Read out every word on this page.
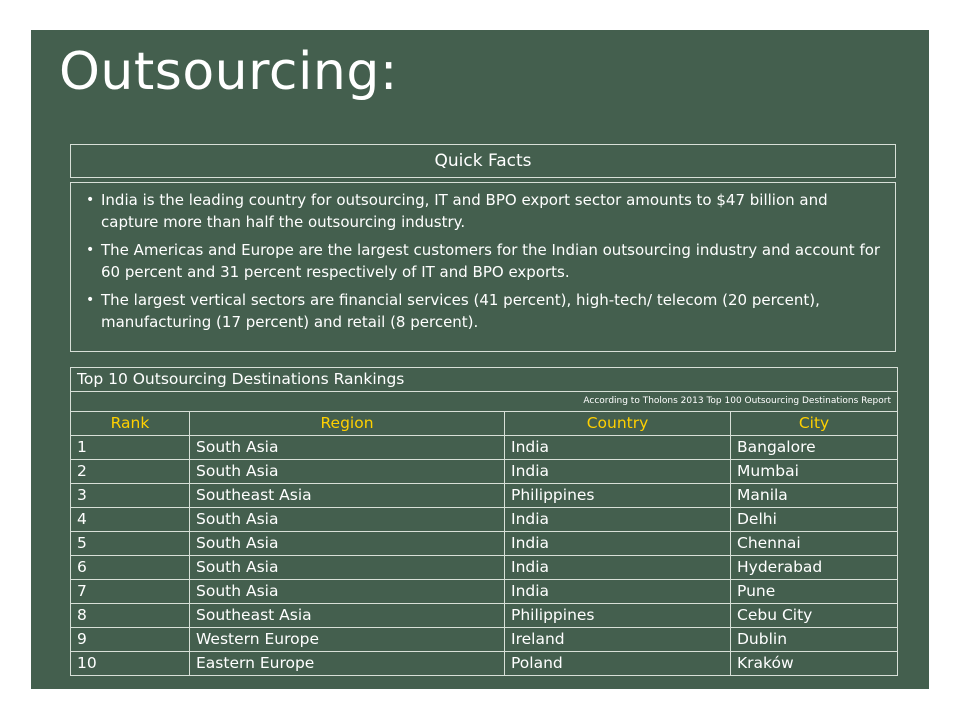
Outsourcing:
Quick Facts
• India is the leading country for outsourcing, IT and BPO export sector amounts to $47 billion and capture more than half the outsourcing industry.
• The Americas and Europe are the largest customers for the Indian outsourcing industry and account for 60 percent and 31 percent respectively of IT and BPO exports.
• The largest vertical sectors are financial services (41 percent), high-tech/ telecom (20 percent), manufacturing (17 percent) and retail (8 percent).
Top 10 Outsourcing Destinations Rankings			
According to Tholons 2013 Top 100 Outsourcing Destinations Report			
Rank	Region	Country	City
1	South Asia	India	Bangalore
2	South Asia	India	Mumbai
3	Southeast Asia	Philippines	Manila
4	South Asia	India	Delhi
5	South Asia	India	Chennai
6	South Asia	India	Hyderabad
7	South Asia	India	Pune
8	Southeast Asia	Philippines	Cebu City
9	Western Europe	Ireland	Dublin
10	Eastern Europe	Poland	Kraków
